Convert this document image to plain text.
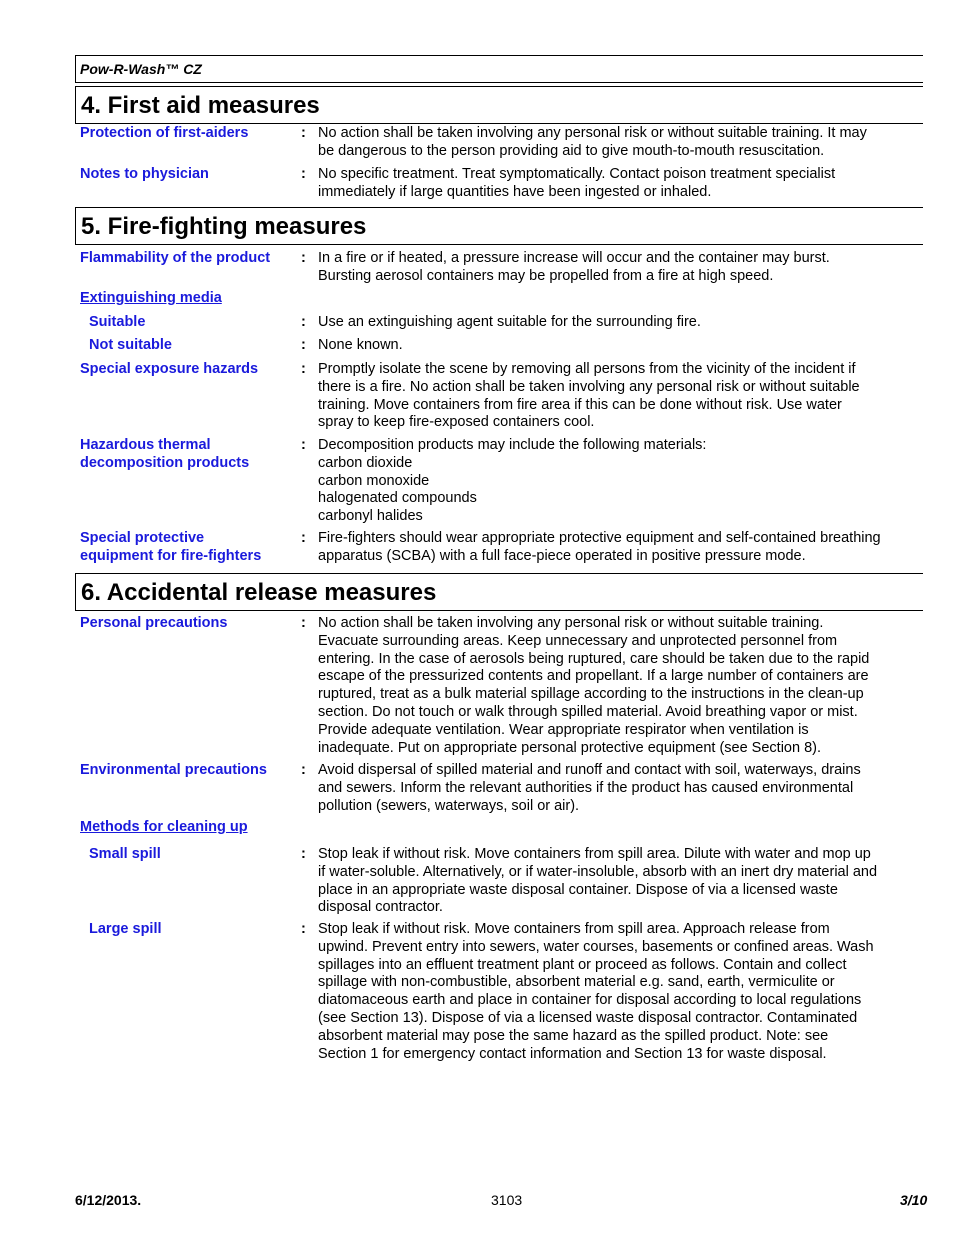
Pow-R-Wash™ CZ
4. First aid measures
Protection of first-aiders	: No action shall be taken involving any personal risk or without suitable training. It may
be dangerous to the person providing aid to give mouth-to-mouth resuscitation.
Notes to physician	: No specific treatment. Treat symptomatically. Contact poison treatment specialist
immediately if large quantities have been ingested or inhaled.
5. Fire-fighting measures
Flammability of the product	: In a fire or if heated, a pressure increase will occur and the container may burst.
Bursting aerosol containers may be propelled from a fire at high speed.
Extinguishing media
Suitable	: Use an extinguishing agent suitable for the surrounding fire.
Not suitable	: None known.
Special exposure hazards	: Promptly isolate the scene by removing all persons from the vicinity of the incident if
there is a fire. No action shall be taken involving any personal risk or without suitable
training. Move containers from fire area if this can be done without risk. Use water
spray to keep fire-exposed containers cool.
Hazardous thermal
decomposition products
: Decomposition products may include the following materials:
carbon dioxide
carbon monoxide
halogenated compounds
carbonyl halides
Special protective
equipment for fire-fighters
: Fire-fighters should wear appropriate protective equipment and self-contained breathing
apparatus (SCBA) with a full face-piece operated in positive pressure mode.
6. Accidental release measures
Personal precautions	: No action shall be taken involving any personal risk or without suitable training.
Evacuate surrounding areas. Keep unnecessary and unprotected personnel from
entering. In the case of aerosols being ruptured, care should be taken due to the rapid
escape of the pressurized contents and propellant. If a large number of containers are
ruptured, treat as a bulk material spillage according to the instructions in the clean-up
section. Do not touch or walk through spilled material. Avoid breathing vapor or mist.
Provide adequate ventilation. Wear appropriate respirator when ventilation is
inadequate. Put on appropriate personal protective equipment (see Section 8).
Environmental precautions	: Avoid dispersal of spilled material and runoff and contact with soil, waterways, drains
and sewers. Inform the relevant authorities if the product has caused environmental
pollution (sewers, waterways, soil or air).
Methods for cleaning up
Small spill	: Stop leak if without risk. Move containers from spill area. Dilute with water and mop up
if water-soluble. Alternatively, or if water-insoluble, absorb with an inert dry material and
place in an appropriate waste disposal container. Dispose of via a licensed waste
disposal contractor.
Large spill	: Stop leak if without risk. Move containers from spill area. Approach release from
upwind. Prevent entry into sewers, water courses, basements or confined areas. Wash
spillages into an effluent treatment plant or proceed as follows. Contain and collect
spillage with non-combustible, absorbent material e.g. sand, earth, vermiculite or
diatomaceous earth and place in container for disposal according to local regulations
(see Section 13). Dispose of via a licensed waste disposal contractor. Contaminated
absorbent material may pose the same hazard as the spilled product. Note: see
Section 1 for emergency contact information and Section 13 for waste disposal.
6/12/2013.	3103	3/10
